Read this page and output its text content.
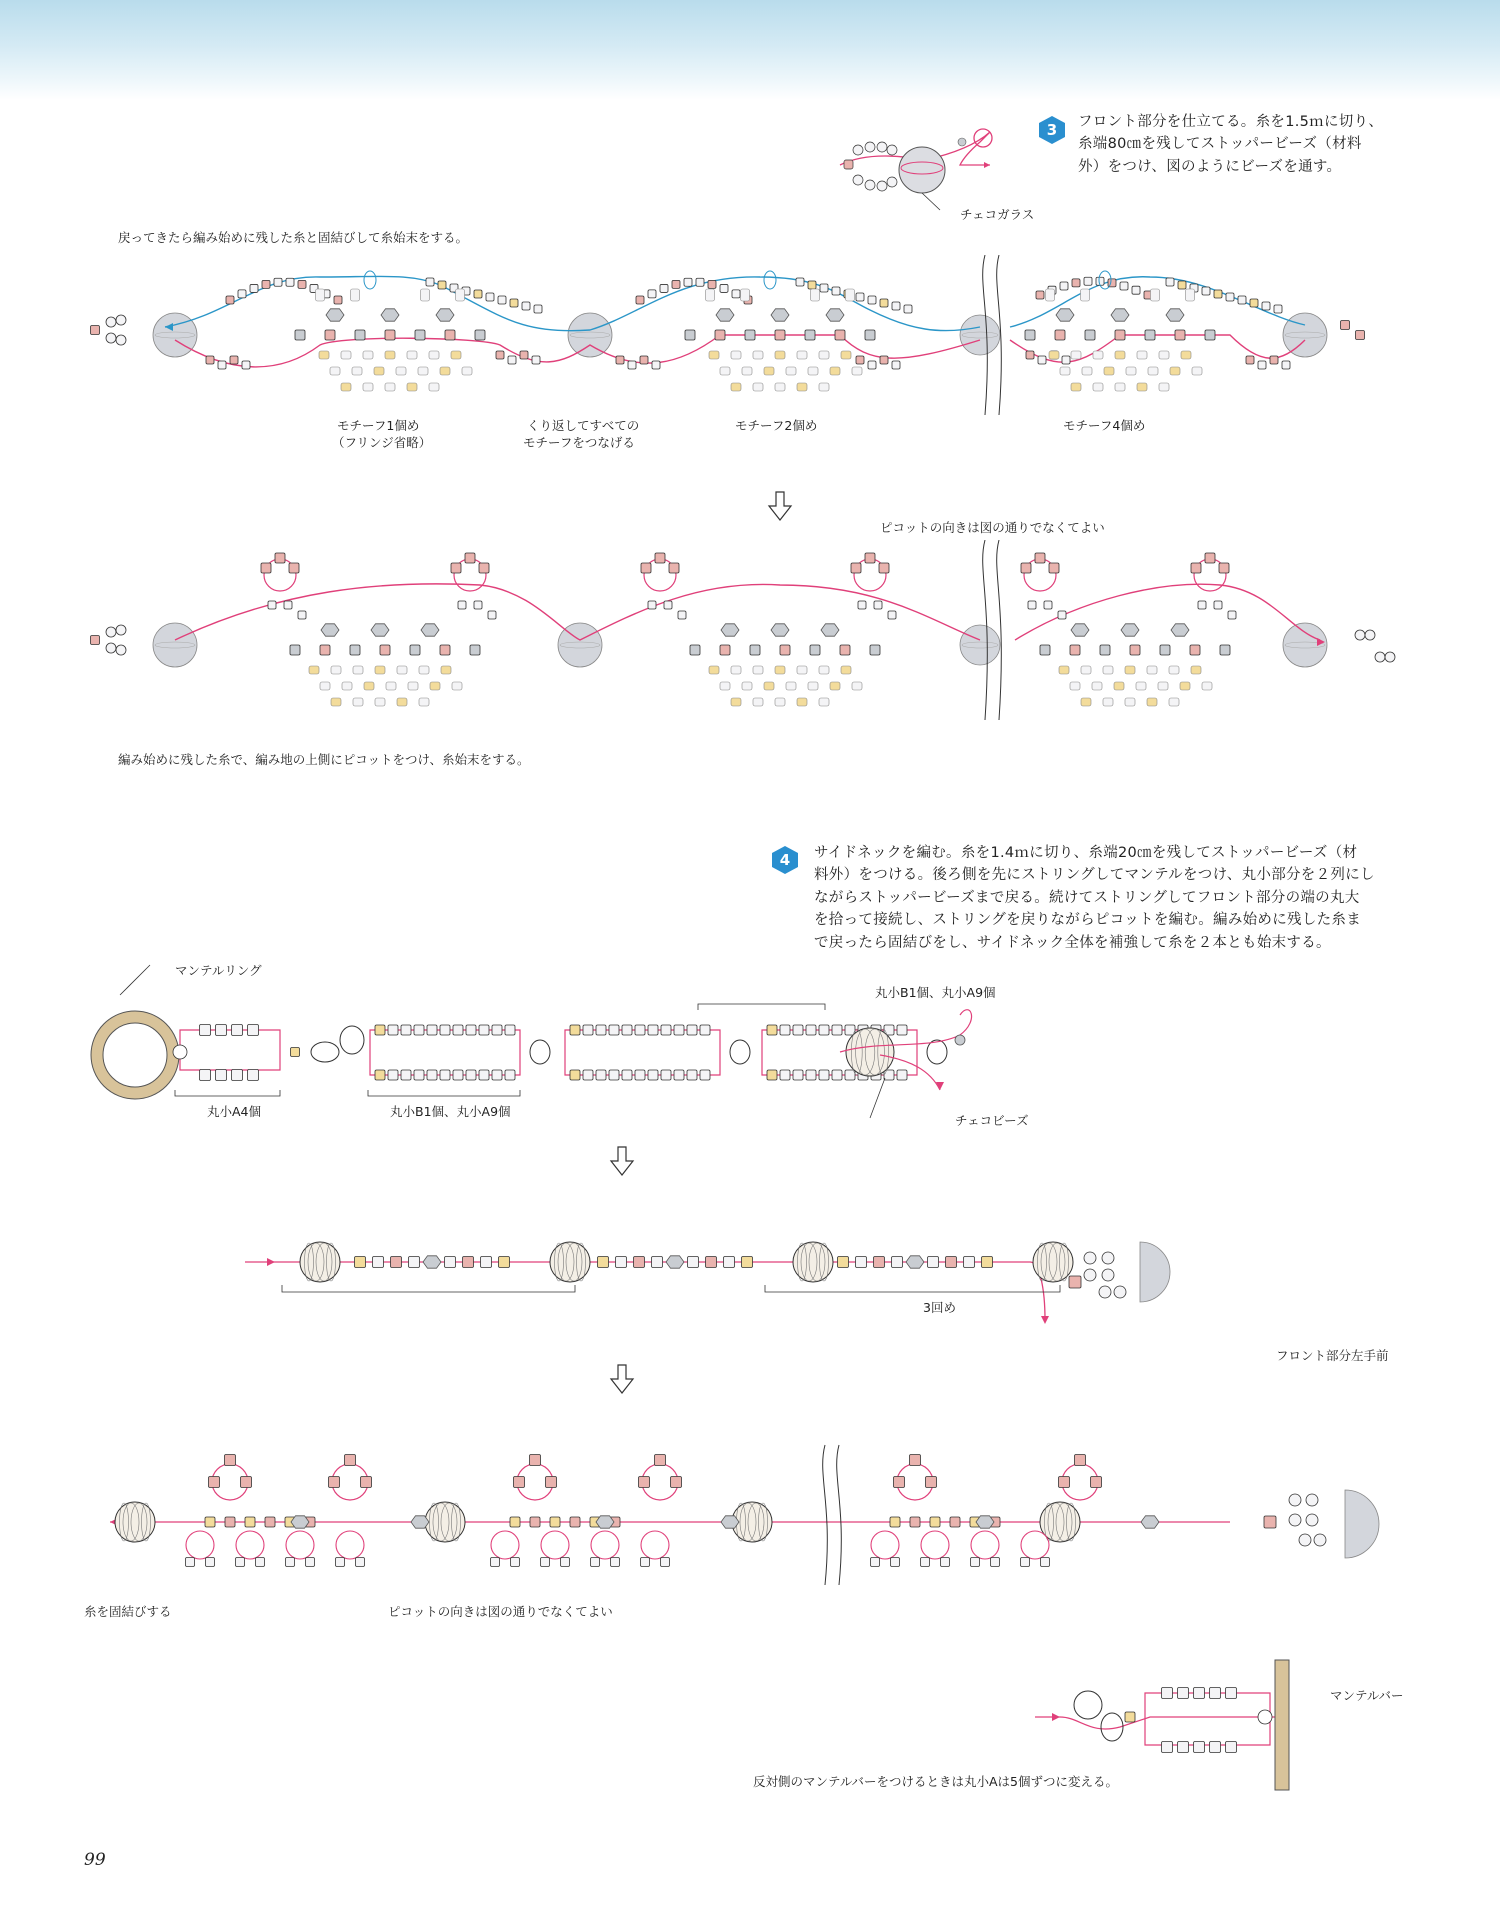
3	フロント部分を仕立てる。糸を1.5ｍに切り、
糸端80㎝を残してストッパービーズ（材料
外）をつけ、図のようにビーズを通す。
チェコガラス
戻ってきたら編み始めに残した糸と固結びして糸始末をする。
モチーフ1個め
（フリンジ省略）
くり返してすべての
モチーフをつなげる
モチーフ2個め	モチーフ4個め
ピコットの向きは図の通りでなくてよい
編み始めに残した糸で、編み地の上側にピコットをつけ、糸始末をする。
4	サイドネックを編む。糸を1.4ｍに切り、糸端20㎝を残してストッパービーズ（材
料外）をつける。後ろ側を先にストリングしてマンテルをつけ、丸小部分を２列にし
ながらストッパービーズまで戻る。続けてストリングしてフロント部分の端の丸大
を拾って接続し、ストリングを戻りながらピコットを編む。編み始めに残した糸ま
で戻ったら固結びをし、サイドネック全体を補強して糸を２本とも始末する。
マンテルリング
丸小A4個	丸小B1個、丸小A9個
丸小B1個、丸小A9個
チェコビーズ
3回め
フロント部分左手前
糸を固結びする	ピコットの向きは図の通りでなくてよい
マンテルバー
反対側のマンテルバーをつけるときは丸小Aは5個ずつに変える。
99
